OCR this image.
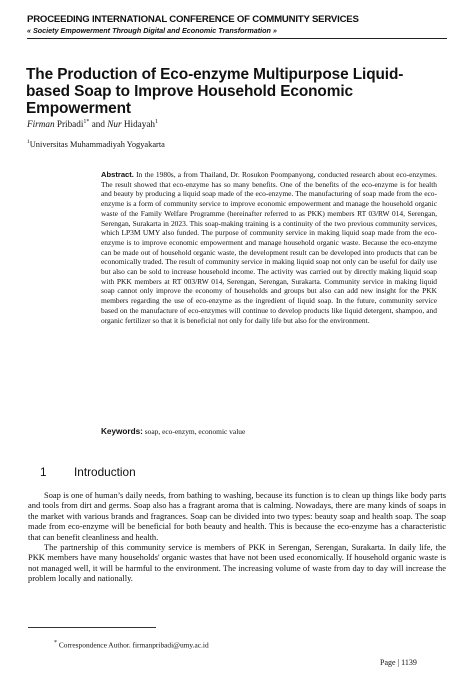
PROCEEDING INTERNATIONAL CONFERENCE OF COMMUNITY SERVICES
« Society Empowerment Through Digital and Economic Transformation »
The Production of Eco-enzyme Multipurpose Liquid-based Soap to Improve Household Economic Empowerment
Firman Pribadi$^{1*}$ and Nur Hidayah$^1$
$^1$Universitas Muhammadiyah Yogyakarta
Abstract. In the 1980s, a from Thailand, Dr. Rosukon Poompanyong, conducted research about eco-enzymes. The result showed that eco-enzyme has so many benefits. One of the benefits of the eco-enzyme is for health and beauty by producing a liquid soap made of the eco-enzyme. The manufacturing of soap made from the eco-enzyme is a form of community service to improve economic empowerment and manage the household organic waste of the Family Welfare Programme (hereinafter referred to as PKK) members RT 03/RW 014, Serengan, Serengan, Surakarta in 2023. This soap-making training is a continuity of the two previous community services, which LP3M UMY also funded. The purpose of community service in making liquid soap made from the eco-enzyme is to improve economic empowerment and manage household organic waste. Because the eco-enzyme can be made out of household organic waste, the development result can be developed into products that can be economically traded. The result of community service in making liquid soap not only can be useful for daily use but also can be sold to increase household income. The activity was carried out by directly making liquid soap with PKK members at RT 003/RW 014, Serengan, Serengan, Surakarta. Community service in making liquid soap cannot only improve the economy of households and groups but also can add new insight for the PKK members regarding the use of eco-enzyme as the ingredient of liquid soap. In the future, community service based on the manufacture of eco-enzymes will continue to develop products like liquid detergent, shampoo, and organic fertilizer so that it is beneficial not only for daily life but also for the environment.
Keywords: soap, eco-enzym, economic value
1 Introduction

Soap is one of human’s daily needs, from bathing to washing, because its function is to clean up things like body parts and tools from dirt and germs. Soap also has a fragrant aroma that is calming. Nowadays, there are many kinds of soaps in the market with various brands and fragrances. Soap can be divided into two types: beauty soap and health soap. The soap made from eco-enzyme will be beneficial for both beauty and health. This is because the eco-enzyme has a characteristic that can benefit cleanliness and health.

The partnership of this community service is members of PKK in Serengan, Serengan, Surakarta. In daily life, the PKK members have many households' organic wastes that have not been used economically. If household organic waste is not managed well, it will be harmful to the environment. The increasing volume of waste from day to day will increase the problem locally and nationally.

* Correspondence Author. firmanpribadi@umy.ac.id
Page | 1139
